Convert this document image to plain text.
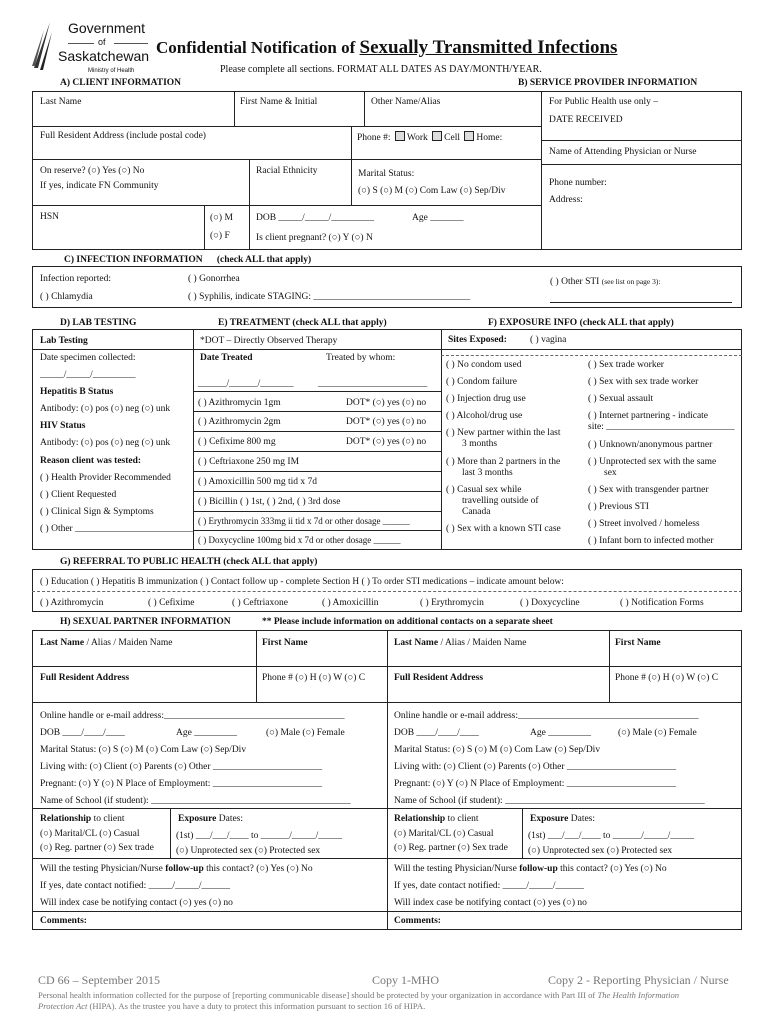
Government
of
Saskatchewan
Ministry of Health
Confidential Notification of Sexually Transmitted Infections
Please complete all sections. FORMAT ALL DATES AS DAY/MONTH/YEAR.
A) CLIENT INFORMATION	B) SERVICE PROVIDER INFORMATION
Last Name	First Name & Initial	Other Name/Alias
Full Resident Address (include postal code)	Phone #: Work Cell Home:
On reserve? (○) Yes (○) No
If yes, indicate FN Community
Racial Ethnicity	Marital Status:
(○) S (○) M (○) Com Law (○) Sep/Div
HSN	(○) M
(○) F
DOB _____/_____/_________	Age _______
Is client pregnant? (○) Y (○) N
For Public Health use only –
DATE RECEIVED
Name of Attending Physician or Nurse
Phone number:
Address:
C) INFECTION INFORMATION (check ALL that apply)
Infection reported:	( ) Gonorrhea	( ) Other STI (see list on page 3):
( ) Chlamydia	( ) Syphilis, indicate STAGING: _________________________________
D) LAB TESTING	E) TREATMENT (check ALL that apply)	F) EXPOSURE INFO (check ALL that apply)
Lab Testing
Date specimen collected:
_____/_____/_________
Hepatitis B Status
Antibody: (○) pos (○) neg (○) unk
HIV Status
Antibody: (○) pos (○) neg (○) unk
Reason client was tested:
( ) Health Provider Recommended
( ) Client Requested
( ) Clinical Sign & Symptoms
( ) Other _________________________
*DOT – Directly Observed Therapy
Date Treated	Treated by whom:
______/______/_______	_______________________
( ) Azithromycin 1gm	DOT* (○) yes (○) no
( ) Azithromycin 2gm	DOT* (○) yes (○) no
( ) Cefixime 800 mg	DOT* (○) yes (○) no
( ) Ceftriaxone 250 mg IM
( ) Amoxicillin 500 mg tid x 7d
( ) Bicillin ( ) 1st, ( ) 2nd, ( ) 3rd dose
( ) Erythromycin 333mg ii tid x 7d or other dosage ______
( ) Doxycycline 100mg bid x 7d or other dosage ______
Sites Exposed: ( ) vagina
( ) No condom used
( ) Condom failure
( ) Injection drug use
( ) Alcohol/drug use
( ) New partner within the last
3 months
( ) More than 2 partners in the
last 3 months
( ) Casual sex while
travelling outside of
Canada
( ) Sex with a known STI case
( ) Sex trade worker
( ) Sex with sex trade worker
( ) Sexual assault
( ) Internet partnering - indicate
site: ___________________________
( ) Unknown/anonymous partner
( ) Unprotected sex with the same
sex
( ) Sex with transgender partner
( ) Previous STI
( ) Street involved / homeless
( ) Infant born to infected mother
G) REFERRAL TO PUBLIC HEALTH (check ALL that apply)
( ) Education ( ) Hepatitis B immunization ( ) Contact follow up - complete Section H ( ) To order STI medications – indicate amount below:
( ) Azithromycin	( ) Cefixime	( ) Ceftriaxone	( ) Amoxicillin	( ) Erythromycin	( ) Doxycycline	( ) Notification Forms
H) SEXUAL PARTNER INFORMATION	** Please include information on additional contacts on a separate sheet
Last Name / Alias / Maiden Name	First Name
Full Resident Address	Phone # (○) H (○) W (○) C
Online handle or e-mail address:______________________________________
DOB ____/____/____	Age _________	(○) Male (○) Female
Marital Status: (○) S (○) M (○) Com Law (○) Sep/Div
Living with: (○) Client (○) Parents (○) Other _______________________
Pregnant: (○) Y (○) N Place of Employment: _______________________
Name of School (if student): __________________________________________
Relationship to client	Exposure Dates:
(○) Marital/CL (○) Casual
(○) Reg. partner (○) Sex trade
(1st) ___/___/____ to ______/_____/_____
(○) Unprotected sex (○) Protected sex
Will the testing Physician/Nurse follow-up this contact? (○) Yes (○) No
If yes, date contact notified: _____/_____/______
Will index case be notifying contact (○) yes (○) no
Comments:
Last Name / Alias / Maiden Name	First Name
Full Resident Address	Phone # (○) H (○) W (○) C
Online handle or e-mail address:______________________________________
DOB ____/____/____	Age _________	(○) Male (○) Female
Marital Status: (○) S (○) M (○) Com Law (○) Sep/Div
Living with: (○) Client (○) Parents (○) Other _______________________
Pregnant: (○) Y (○) N Place of Employment: _______________________
Name of School (if student): __________________________________________
Relationship to client	Exposure Dates:
(○) Marital/CL (○) Casual
(○) Reg. partner (○) Sex trade
(1st) ___/___/____ to ______/_____/_____
(○) Unprotected sex (○) Protected sex
Will the testing Physician/Nurse follow-up this contact? (○) Yes (○) No
If yes, date contact notified: _____/_____/______
Will index case be notifying contact (○) yes (○) no
Comments:
CD 66 – September 2015	Copy 1-MHO	Copy 2 - Reporting Physician / Nurse
Personal health information collected for the purpose of [reporting communicable disease] should be protected by your organization in accordance with Part III of The Health Information
Protection Act (HIPA). As the trustee you have a duty to protect this information pursuant to section 16 of HIPA.
